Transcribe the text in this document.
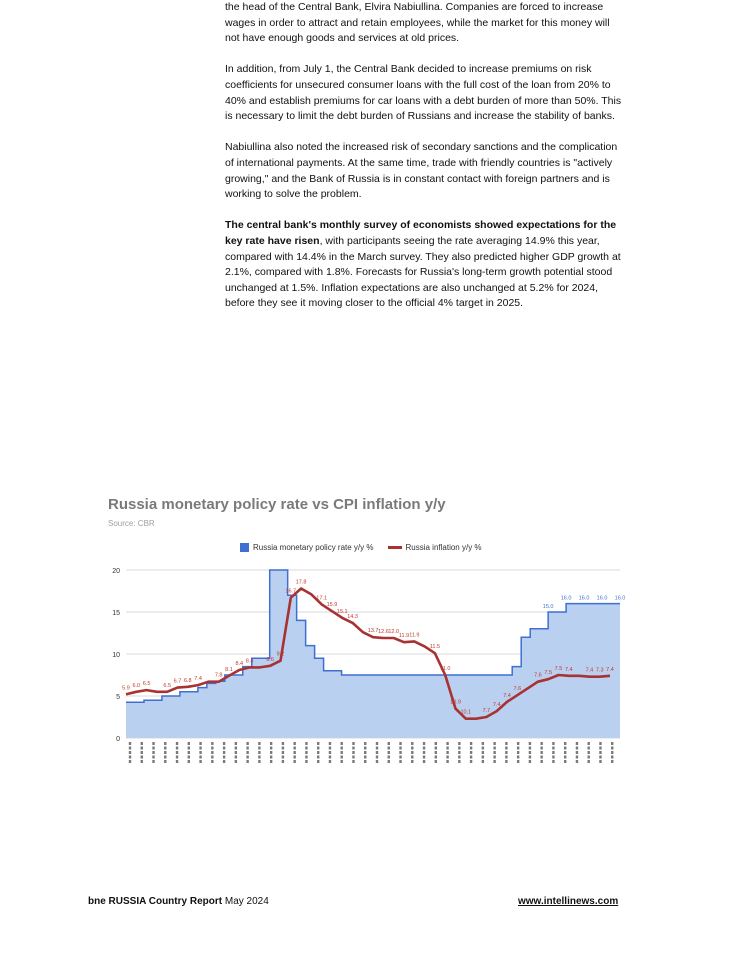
the head of the Central Bank, Elvira Nabiullina. Companies are forced to increase wages in order to attract and retain employees, while the market for this money will not have enough goods and services at old prices.

In addition, from July 1, the Central Bank decided to increase premiums on risk coefficients for unsecured consumer loans with the full cost of the loan from 20% to 40% and establish premiums for car loans with a debt burden of more than 50%. This is necessary to limit the debt burden of Russians and increase the stability of banks.

Nabiullina also noted the increased risk of secondary sanctions and the complication of international payments. At the same time, trade with friendly countries is "actively growing," and the Bank of Russia is in constant contact with foreign partners and is working to solve the problem.

The central bank's monthly survey of economists showed expectations for the key rate have risen, with participants seeing the rate averaging 14.9% this year, compared with 14.4% in the March survey. They also predicted higher GDP growth at 2.1%, compared with 1.8%. Forecasts for Russia's long-term growth potential stood unchanged at 1.5%. Inflation expectations are also unchanged at 5.2% for 2024, before they see it moving closer to the official 4% target in 2025.

Russia monetary policy rate vs CPI inflation y/y
Source: CBR
Russia monetary policy rate y/y %	Russia inflation y/y %
0
5
10
15
20
5.9 6.0 6.5 6.5
6.7 6.8 7.4
7.8
8.1
8.4 8.4 8.6
9.2
16.7
17.8
17.1
15.9
15.1
14.3
13.7 12.6 12.0
11.9 11.9
11.5
11.0
10.9
10.1 7.7
7.4
7.4
7.6
7.6 7.5
7.5 7.4 7.4 7.3 7.4
16.0
16.0
16.0
16.0
15.0
bne RUSSIA Country Report May 2024	www.intellinews.com
